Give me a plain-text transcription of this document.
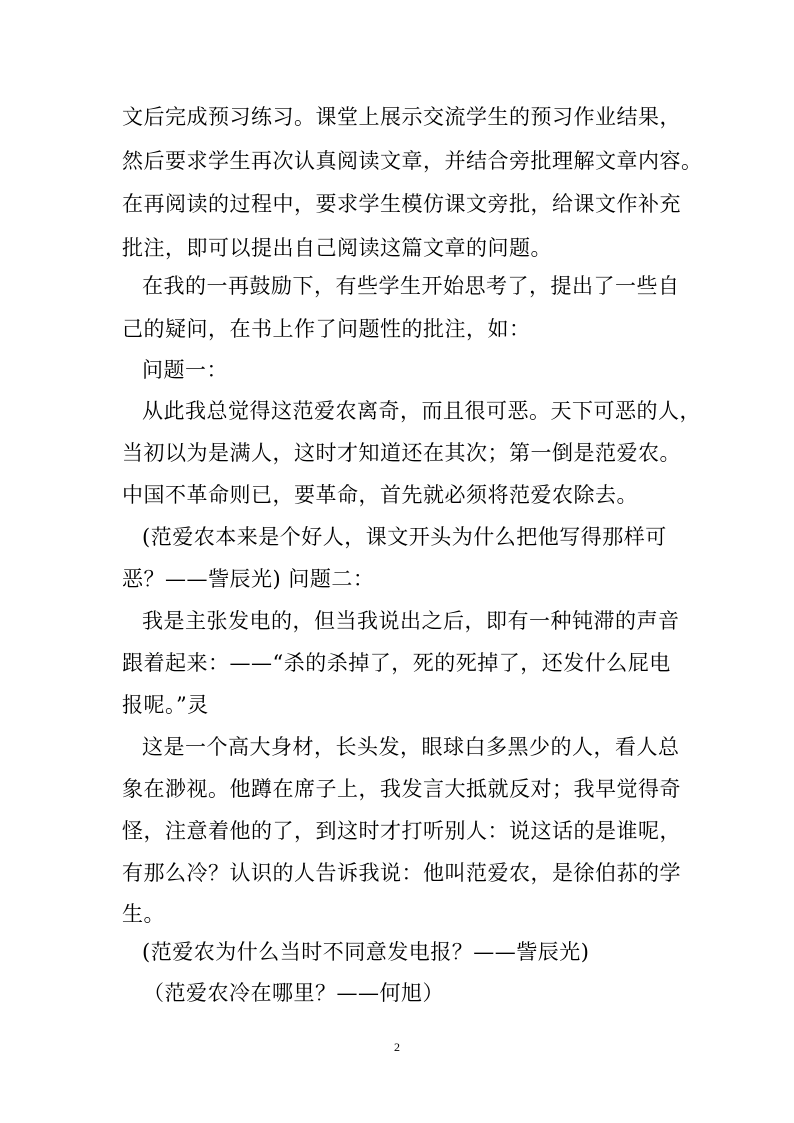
文后完成预习练习。课堂上展示交流学生的预习作业结果，
然后要求学生再次认真阅读文章，并结合旁批理解文章内容。
在再阅读的过程中，要求学生模仿课文旁批，给课文作补充
批注，即可以提出自己阅读这篇文章的问题。
在我的一再鼓励下，有些学生开始思考了，提出了一些自
己的疑问，在书上作了问题性的批注，如：
问题一：
从此我总觉得这范爱农离奇，而且很可恶。天下可恶的人，
当初以为是满人，这时才知道还在其次；第一倒是范爱农。
中国不革命则已，要革命，首先就必须将范爱农除去。
(范爱农本来是个好人，课文开头为什么把他写得那样可
恶？——訾辰光) 问题二：
我是主张发电的，但当我说出之后，即有一种钝滞的声音
跟着起来：——“杀的杀掉了，死的死掉了，还发什么屁电
报呢。”灵
这是一个高大身材，长头发，眼球白多黑少的人，看人总
象在渺视。他蹲在席子上，我发言大抵就反对；我早觉得奇
怪，注意着他的了，到这时才打听别人：说这话的是谁呢，
有那么冷？认识的人告诉我说：他叫范爱农，是徐伯荪的学
生。
(范爱农为什么当时不同意发电报？——訾辰光)
（范爱农冷在哪里？——何旭）
2
